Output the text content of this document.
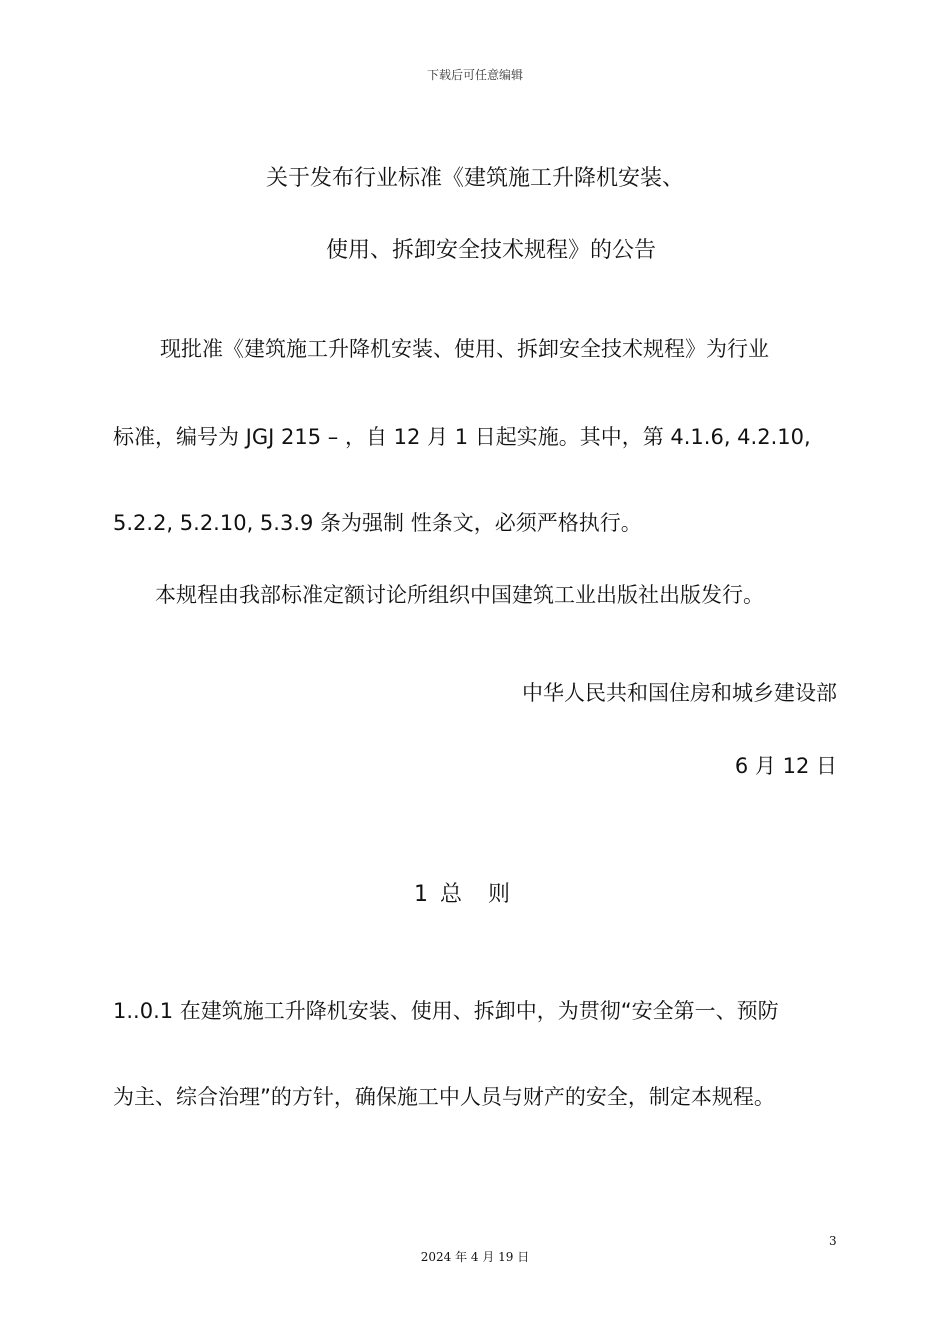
下载后可任意编辑
关于发布行业标准《建筑施工升降机安装、
使用、拆卸安全技术规程》的公告
现批准《建筑施工升降机安装、使用、拆卸安全技术规程》为行业
标准，编号为 JGJ 215 – ，自 12 月 1 日起实施。其中，第 4.1.6, 4.2.10,
5.2.2, 5.2.10, 5.3.9 条为强制 性条文，必须严格执行。
本规程由我部标准定额讨论所组织中国建筑工业出版社出版发行。
中华人民共和国住房和城乡建设部
6 月 12 日
1 总则
1..0.1 在建筑施工升降机安装、使用、拆卸中，为贯彻“安全第一、预防
为主、综合治理”的方针，确保施工中人员与财产的安全，制定本规程。
3
2024 年 4 月 19 日
